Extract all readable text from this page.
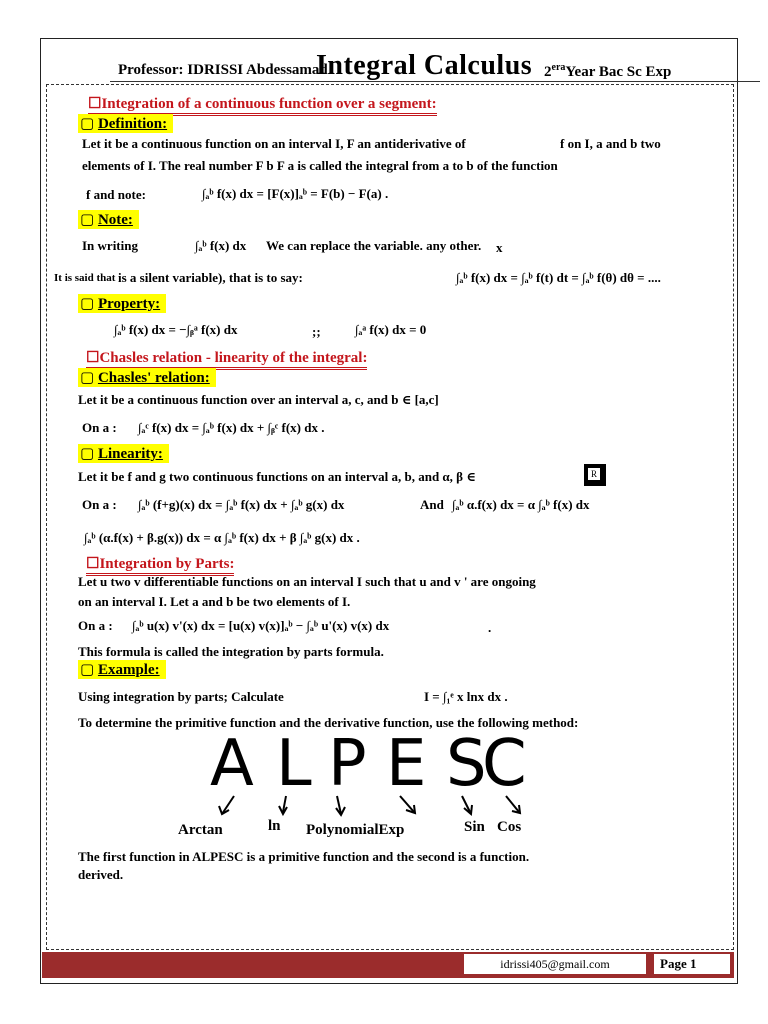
Professor: IDRISSI Abdessamad
Integral Calculus $2^{era}Year$ Bac Sc Exp
☐Integration of a continuous function over a segment:
▢ Definition:
Let it be a continuous function on an interval I, F an antiderivative of	f on I, a and b two
elements of I. The real number F b F a is called the integral from a to b of the function
f and note:	∫ₐᵇ f(x) dx = [F(x)]ₐᵇ = F(b) − F(a) .
▢ Note:
In writing	∫ₐᵇ f(x) dx We can replace the variable. any other. x
It is said that is a silent variable), that is to say:	∫ₐᵇ f(x) dx = ∫ₐᵇ f(t) dt = ∫ₐᵇ f(θ) dθ = ....
▢ Property:
∫ₐᵇ f(x) dx = −∫ᵦᵃ f(x) dx	;;	∫ₐᵃ f(x) dx = 0
☐Chasles relation - linearity of the integral:
▢ Chasles' relation:
Let it be a continuous function over an interval a, c, and b ∈ [a,c]
On a : ∫ₐᶜ f(x) dx = ∫ₐᵇ f(x) dx + ∫ᵦᶜ f(x) dx .
▢ Linearity:
Let it be f and g two continuous functions on an interval a, b, and α, β ∈	R
On a : ∫ₐᵇ (f+g)(x) dx = ∫ₐᵇ f(x) dx + ∫ₐᵇ g(x) dx	And ∫ₐᵇ α.f(x) dx = α ∫ₐᵇ f(x) dx
∫ₐᵇ (α.f(x) + β.g(x)) dx = α ∫ₐᵇ f(x) dx + β ∫ₐᵇ g(x) dx .
☐Integration by Parts:
Let u two v differentiable functions on an interval I such that u and v ' are ongoing
on an interval I. Let a and b be two elements of I.
On a : ∫ₐᵇ u(x) v'(x) dx = [u(x) v(x)]ₐᵇ − ∫ₐᵇ u'(x) v(x) dx	.
This formula is called the integration by parts formula.
▢ Example:
Using integration by parts; Calculate	I = ∫₁ᵉ x lnx dx .
To determine the primitive function and the derivative function, use the following method:
A L P E S
C
Arctan	ln PolynomialExp	Sin Cos
The first function in ALPESC is a primitive function and the second is a function.
derived.
idrissi405@gmail.com	Page 1
